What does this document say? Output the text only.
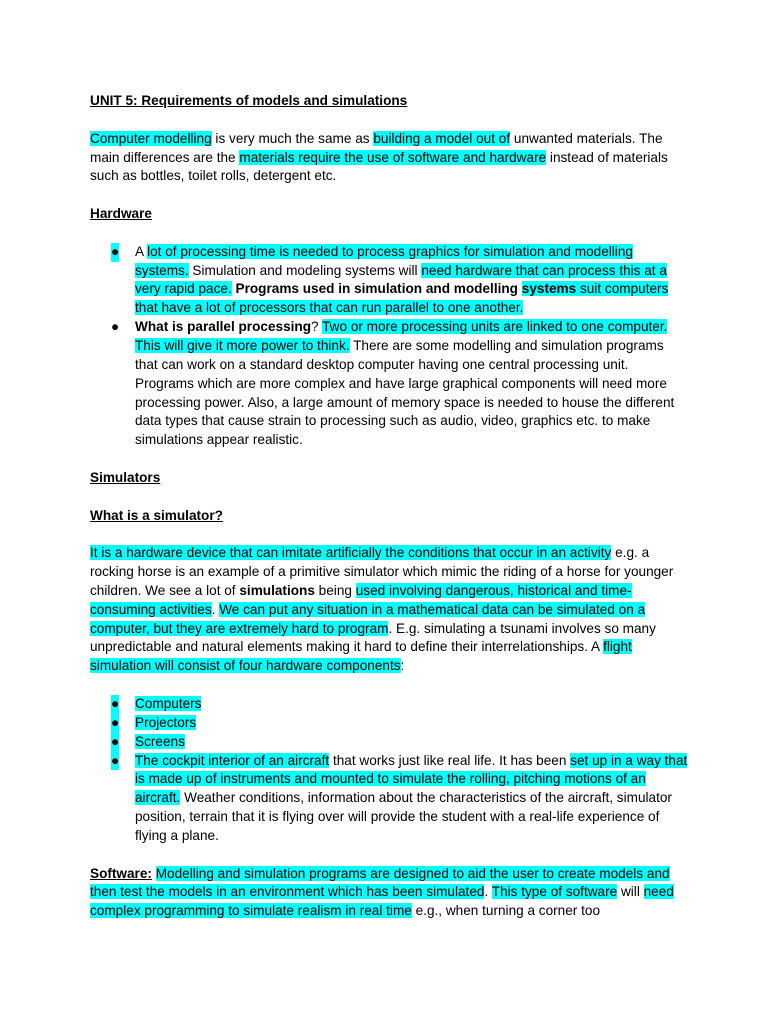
UNIT 5: Requirements of models and simulations

Computer modelling is very much the same as building a model out of unwanted materials. The main differences are the materials require the use of software and hardware instead of materials such as bottles, toilet rolls, detergent etc.

Hardware

● A lot of processing time is needed to process graphics for simulation and modelling systems. Simulation and modeling systems will need hardware that can process this at a very rapid pace. Programs used in simulation and modelling systems suit computers that have a lot of processors that can run parallel to one another.
● What is parallel processing? Two or more processing units are linked to one computer. This will give it more power to think. There are some modelling and simulation programs that can work on a standard desktop computer having one central processing unit. Programs which are more complex and have large graphical components will need more processing power. Also, a large amount of memory space is needed to house the different data types that cause strain to processing such as audio, video, graphics etc. to make simulations appear realistic.

Simulators

What is a simulator?

It is a hardware device that can imitate artificially the conditions that occur in an activity e.g. a rocking horse is an example of a primitive simulator which mimic the riding of a horse for younger children. We see a lot of simulations being used involving dangerous, historical and time-consuming activities. We can put any situation in a mathematical data can be simulated on a computer, but they are extremely hard to program. E.g. simulating a tsunami involves so many unpredictable and natural elements making it hard to define their interrelationships. A flight simulation will consist of four hardware components:

● Computers
● Projectors
● Screens
● The cockpit interior of an aircraft that works just like real life. It has been set up in a way that is made up of instruments and mounted to simulate the rolling, pitching motions of an aircraft. Weather conditions, information about the characteristics of the aircraft, simulator position, terrain that it is flying over will provide the student with a real-life experience of flying a plane.

Software: Modelling and simulation programs are designed to aid the user to create models and then test the models in an environment which has been simulated. This type of software will need complex programming to simulate realism in real time e.g., when turning a corner too
